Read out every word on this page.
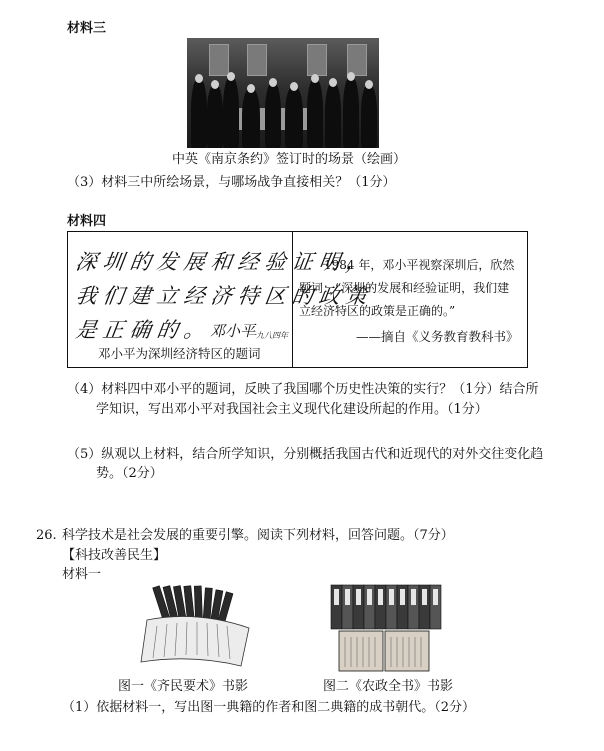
材料三
中英《南京条约》签订时的场景（绘画）
（3）材料三中所绘场景，与哪场战争直接相关？（1分）
材料四
深圳的发展和经验证明，
我们建立经济特区的政策
是正确的。
邓小平
一九八四年
邓小平为深圳经济特区的题词
1984 年，邓小平视察深圳后，欣然
题词：“深圳的发展和经验证明，我们建
立经济特区的政策是正确的。”
——摘自《义务教育教科书》
（4）材料四中邓小平的题词，反映了我国哪个历史性决策的实行？（1分）结合所
学知识，写出邓小平对我国社会主义现代化建设所起的作用。（1分）
（5）纵观以上材料，结合所学知识，分别概括我国古代和近现代的对外交往变化趋
势。（2分）
26. 科学技术是社会发展的重要引擎。阅读下列材料，回答问题。（7分）
【科技改善民生】
材料一
图一《齐民要术》书影	图二《农政全书》书影
（1）依据材料一，写出图一典籍的作者和图二典籍的成书朝代。（2分）
